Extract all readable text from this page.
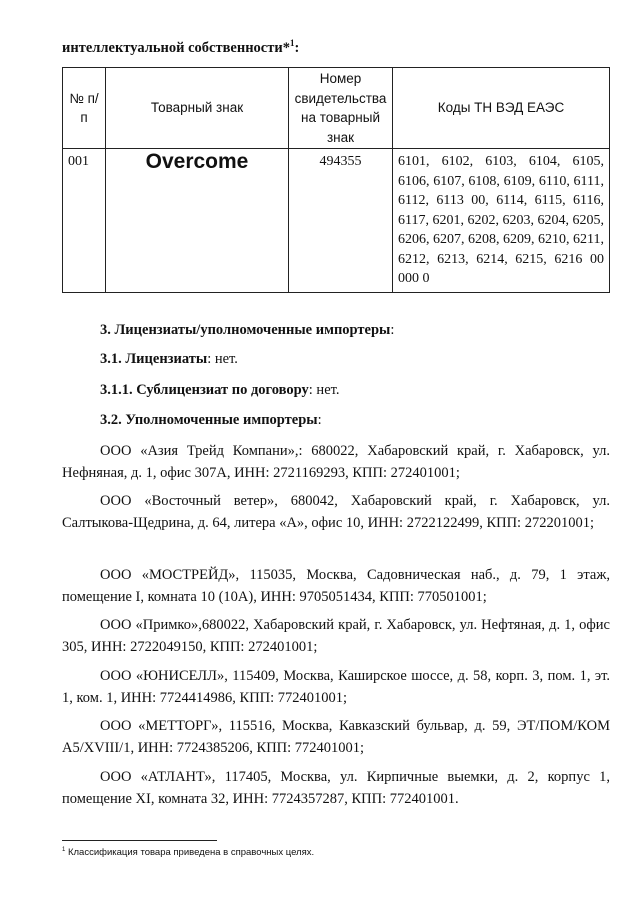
интеллектуальной собственности*$^1$:
№ п/п	Товарный знак	Номер свидетельства на товарный знак	Коды ТН ВЭД ЕАЭС
001	Overcome	494355	6101, 6102, 6103, 6104, 6105, 6106, 6107, 6108, 6109, 6110, 6111, 6112, 6113 00, 6114, 6115, 6116, 6117, 6201, 6202, 6203, 6204, 6205, 6206, 6207, 6208, 6209, 6210, 6211, 6212, 6213, 6214, 6215, 6216 00 000 0
3. Лицензиаты/уполномоченные импортеры:
3.1. Лицензиаты: нет.
3.1.1. Сублицензиат по договору: нет.
3.2. Уполномоченные импортеры:
ООО «Азия Трейд Компани»,: 680022, Хабаровский край, г. Хабаровск, ул. Нефняная, д. 1, офис 307А, ИНН: 2721169293, КПП: 272401001;
ООО «Восточный ветер», 680042, Хабаровский край, г. Хабаровск, ул. Салтыкова-Щедрина, д. 64, литера «А», офис 10, ИНН: 2722122499, КПП: 272201001;
ООО «МОСТРЕЙД», 115035, Москва, Садовническая наб., д. 79, 1 этаж, помещение I, комната 10 (10А), ИНН: 9705051434, КПП: 770501001;
ООО «Примко»,680022, Хабаровский край, г. Хабаровск, ул. Нефтяная, д. 1, офис 305, ИНН: 2722049150, КПП: 272401001;
ООО «ЮНИСЕЛЛ», 115409, Москва, Каширское шоссе, д. 58, корп. 3, пом. 1, эт. 1, ком. 1, ИНН: 7724414986, КПП: 772401001;
ООО «МЕТТОРГ», 115516, Москва, Кавказский бульвар, д. 59, ЭТ/ПОМ/КОМ А5/XVIII/1, ИНН: 7724385206, КПП: 772401001;
ООО «АТЛАНТ», 117405, Москва, ул. Кирпичные выемки, д. 2, корпус 1, помещение XI, комната 32, ИНН: 7724357287, КПП: 772401001.
$^1$ Классификация товара приведена в справочных целях.
